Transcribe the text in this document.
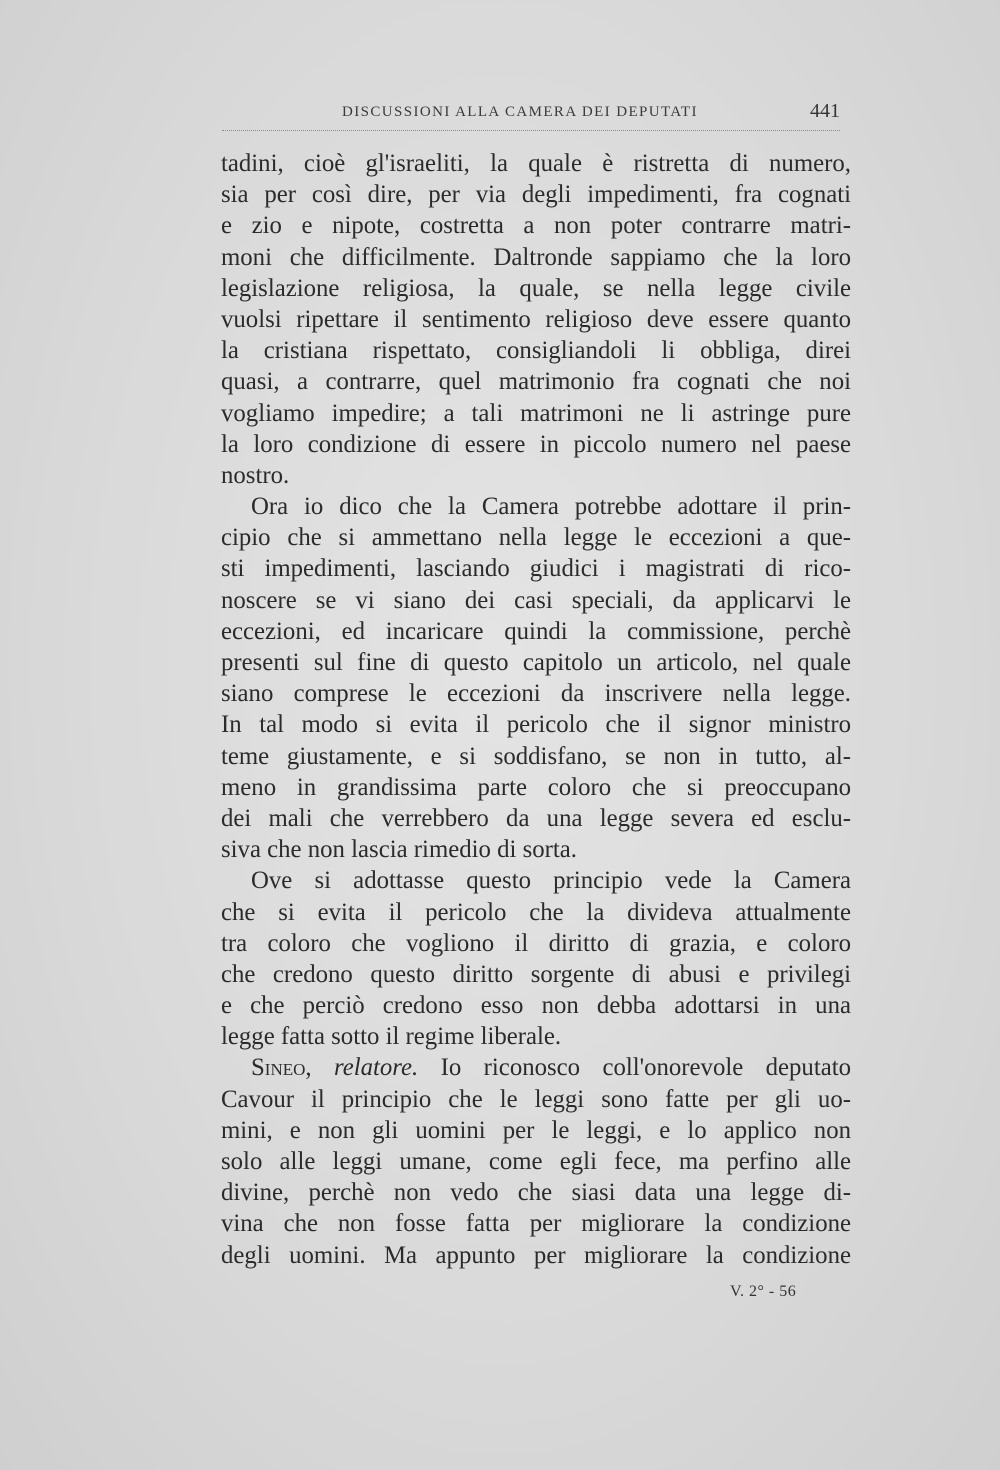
DISCUSSIONI ALLA CAMERA DEI DEPUTATI	441
tadini, cioè gl'israeliti, la quale è ristretta di numero,
sia per così dire, per via degli impedimenti, fra cognati
e zio e nipote, costretta a non poter contrarre matri-
moni che difficilmente. Daltronde sappiamo che la loro
legislazione religiosa, la quale, se nella legge civile
vuolsi ripettare il sentimento religioso deve essere quanto
la cristiana rispettato, consigliandoli li obbliga, direi
quasi, a contrarre, quel matrimonio fra cognati che noi
vogliamo impedire; a tali matrimoni ne li astringe pure
la loro condizione di essere in piccolo numero nel paese
nostro.
Ora io dico che la Camera potrebbe adottare il prin-
cipio che si ammettano nella legge le eccezioni a que-
sti impedimenti, lasciando giudici i magistrati di rico-
noscere se vi siano dei casi speciali, da applicarvi le
eccezioni, ed incaricare quindi la commissione, perchè
presenti sul fine di questo capitolo un articolo, nel quale
siano comprese le eccezioni da inscrivere nella legge.
In tal modo si evita il pericolo che il signor ministro
teme giustamente, e si soddisfano, se non in tutto, al-
meno in grandissima parte coloro che si preoccupano
dei mali che verrebbero da una legge severa ed esclu-
siva che non lascia rimedio di sorta.
Ove si adottasse questo principio vede la Camera
che si evita il pericolo che la divideva attualmente
tra coloro che vogliono il diritto di grazia, e coloro
che credono questo diritto sorgente di abusi e privilegi
e che perciò credono esso non debba adottarsi in una
legge fatta sotto il regime liberale.
Sineo, relatore. Io riconosco coll'onorevole deputato
Cavour il principio che le leggi sono fatte per gli uo-
mini, e non gli uomini per le leggi, e lo applico non
solo alle leggi umane, come egli fece, ma perfino alle
divine, perchè non vedo che siasi data una legge di-
vina che non fosse fatta per migliorare la condizione
degli uomini. Ma appunto per migliorare la condizione
V. 2° - 56
